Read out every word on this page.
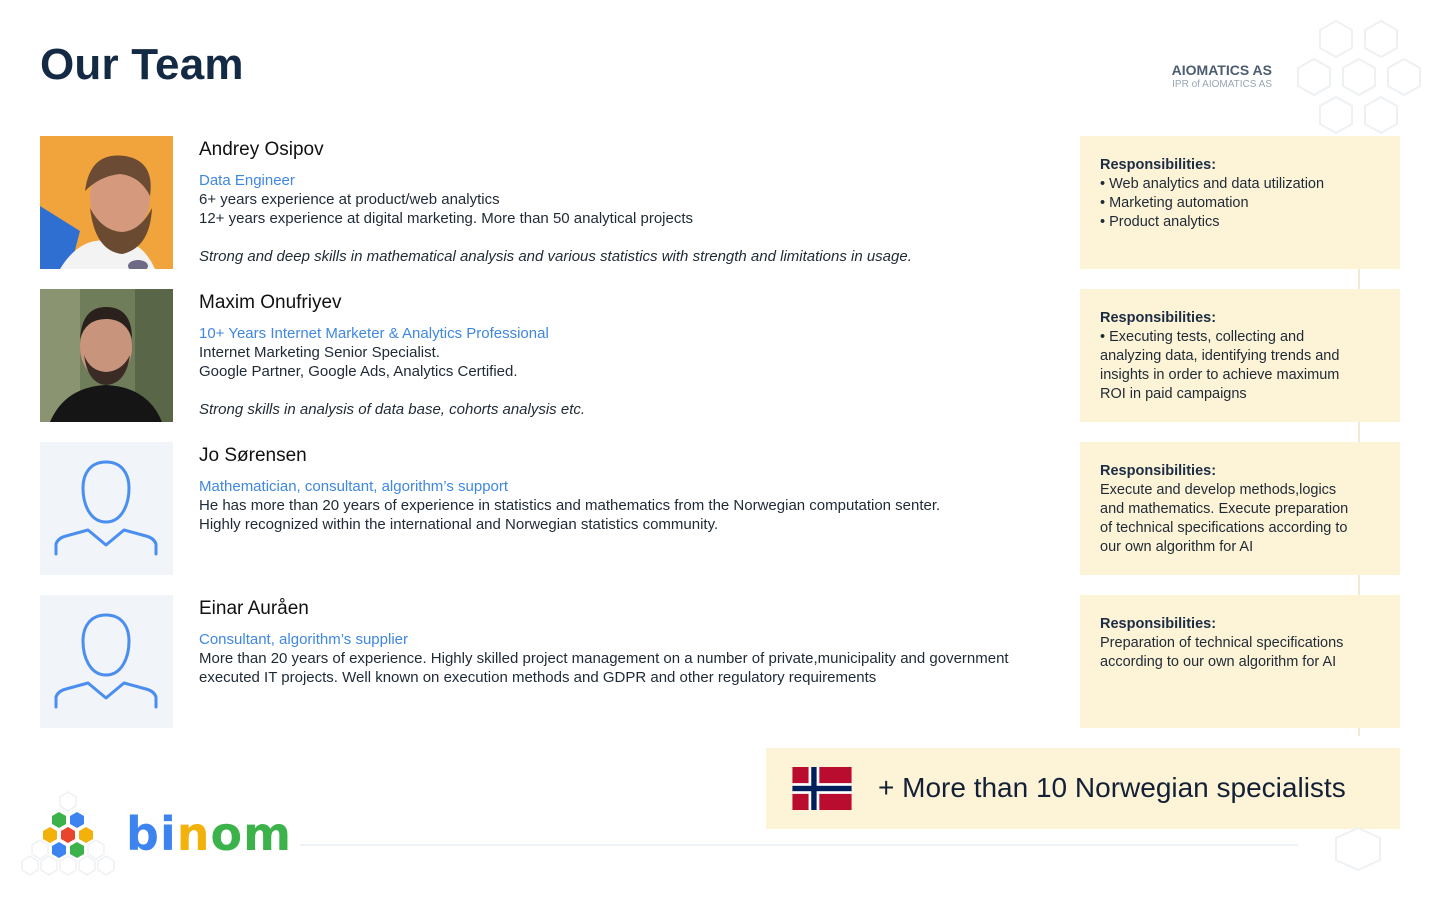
Our Team	AIOMATICS AS
IPR of AIOMATICS AS
Andrey Osipov
Data Engineer
6+ years experience at product/web analytics
12+ years experience at digital marketing. More than 50 analytical projects
Strong and deep skills in mathematical analysis and various statistics with strength and limitations in usage.
Responsibilities:
• Web analytics and data utilization
• Marketing automation
• Product analytics
Maxim Onufriyev
10+ Years Internet Marketer & Analytics Professional
Internet Marketing Senior Specialist.
Google Partner, Google Ads, Analytics Certified.
Strong skills in analysis of data base, cohorts analysis etc.
Responsibilities:
• Executing tests, collecting and
analyzing data, identifying trends and
insights in order to achieve maximum
ROI in paid campaigns
Jo Sørensen
Mathematician, consultant, algorithm’s support
He has more than 20 years of experience in statistics and mathematics from the Norwegian computation senter.
Highly recognized within the international and Norwegian statistics community.
Responsibilities:
Execute and develop methods,logics
and mathematics. Execute preparation
of technical specifications according to
our own algorithm for AI
Einar Auråen
Consultant, algorithm’s supplier
More than 20 years of experience. Highly skilled project management on a number of private,municipality and government
executed IT projects. Well known on execution methods and GDPR and other regulatory requirements
Responsibilities:
Preparation of technical specifications
according to our own algorithm for AI
+ More than 10 Norwegian specialists
binom
